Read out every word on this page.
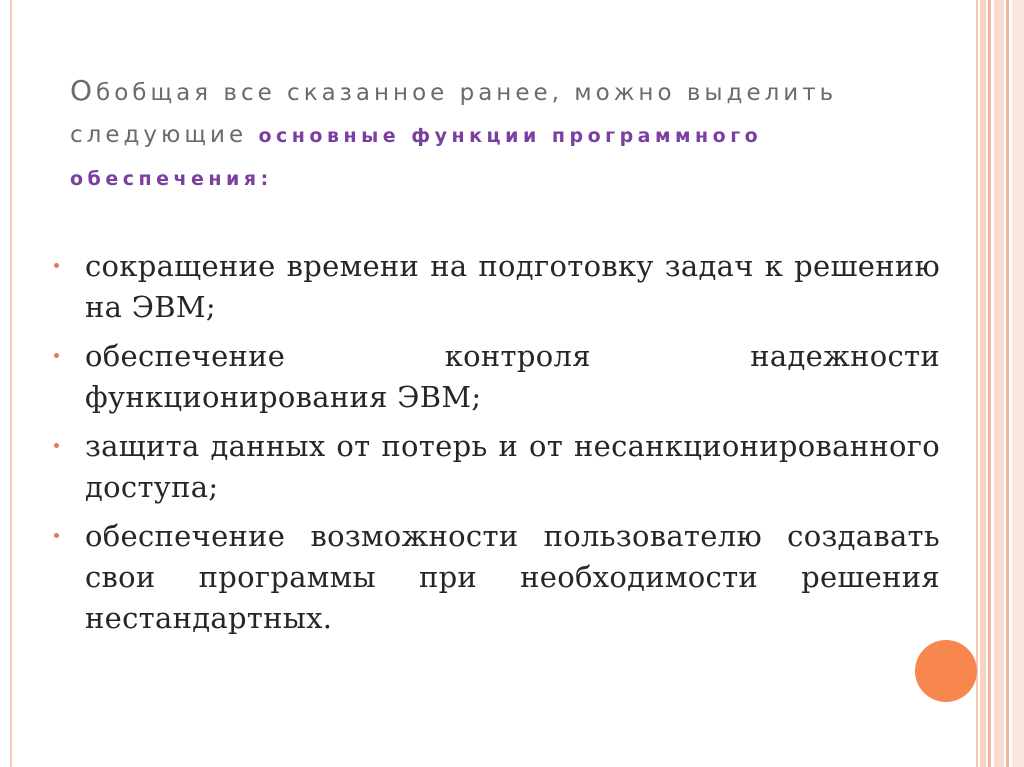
Обобщая все сказанное ранее, можно выделить следующие основные функции программного обеспечения:
сокращение времени на подготовку задач к решению на ЭВМ;
обеспечение контроля надежности функционирования ЭВМ;
защита данных от потерь и от несанкционированного доступа;
обеспечение возможности пользователю создавать свои программы при необходимости решения нестандартных.
